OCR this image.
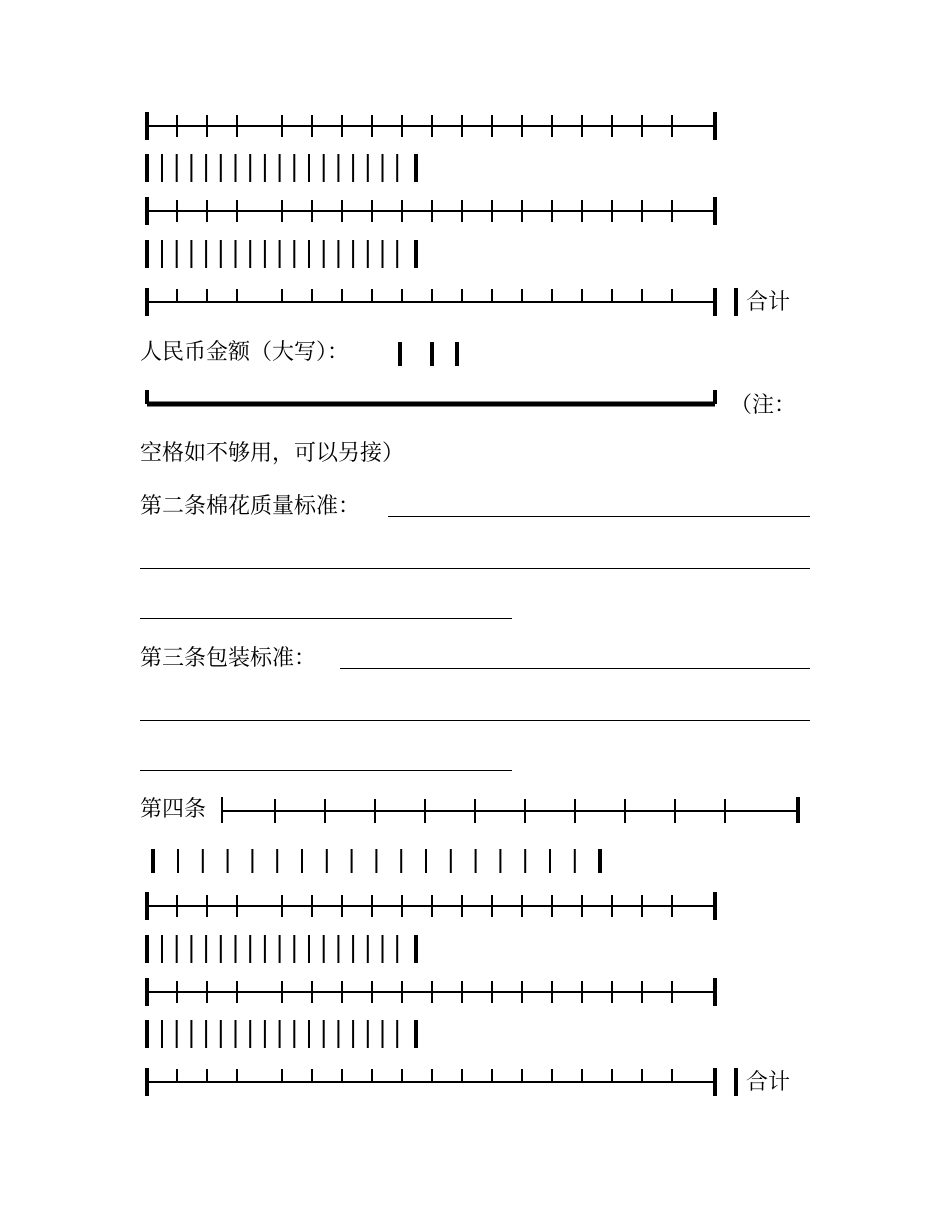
合计
人民币金额（大写）：
（注：
空格如不够用，可以另接）
第二条棉花质量标准：
第三条包装标准：
第四条
合计
